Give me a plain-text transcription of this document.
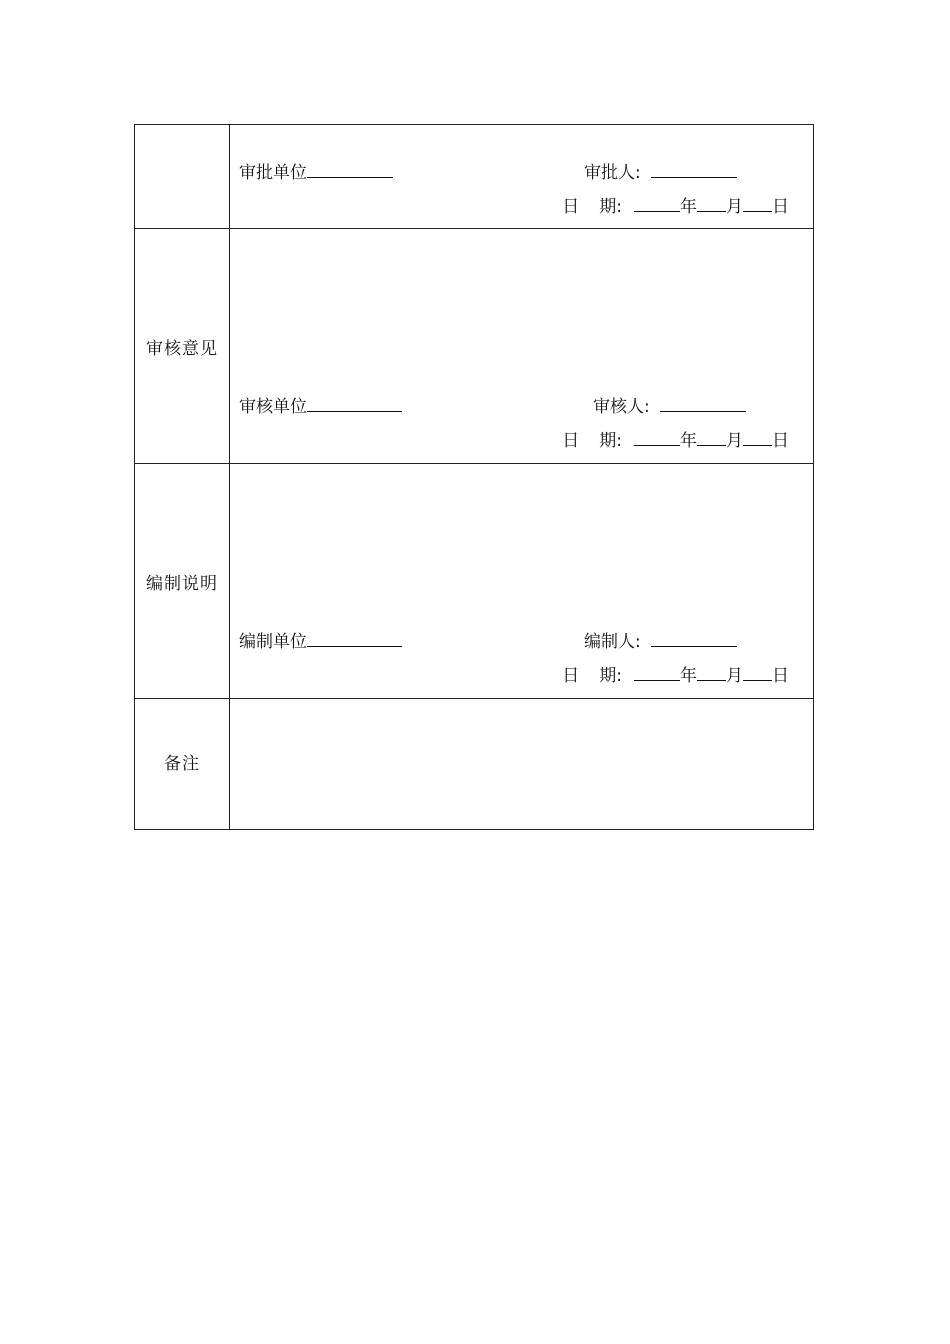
	审批单位 审批人:
日 期: 年 月 日

审核意见	审核单位 审核人:
日 期: 年 月 日

编制说明	编制单位 编制人:
日 期: 年 月 日

备注	
